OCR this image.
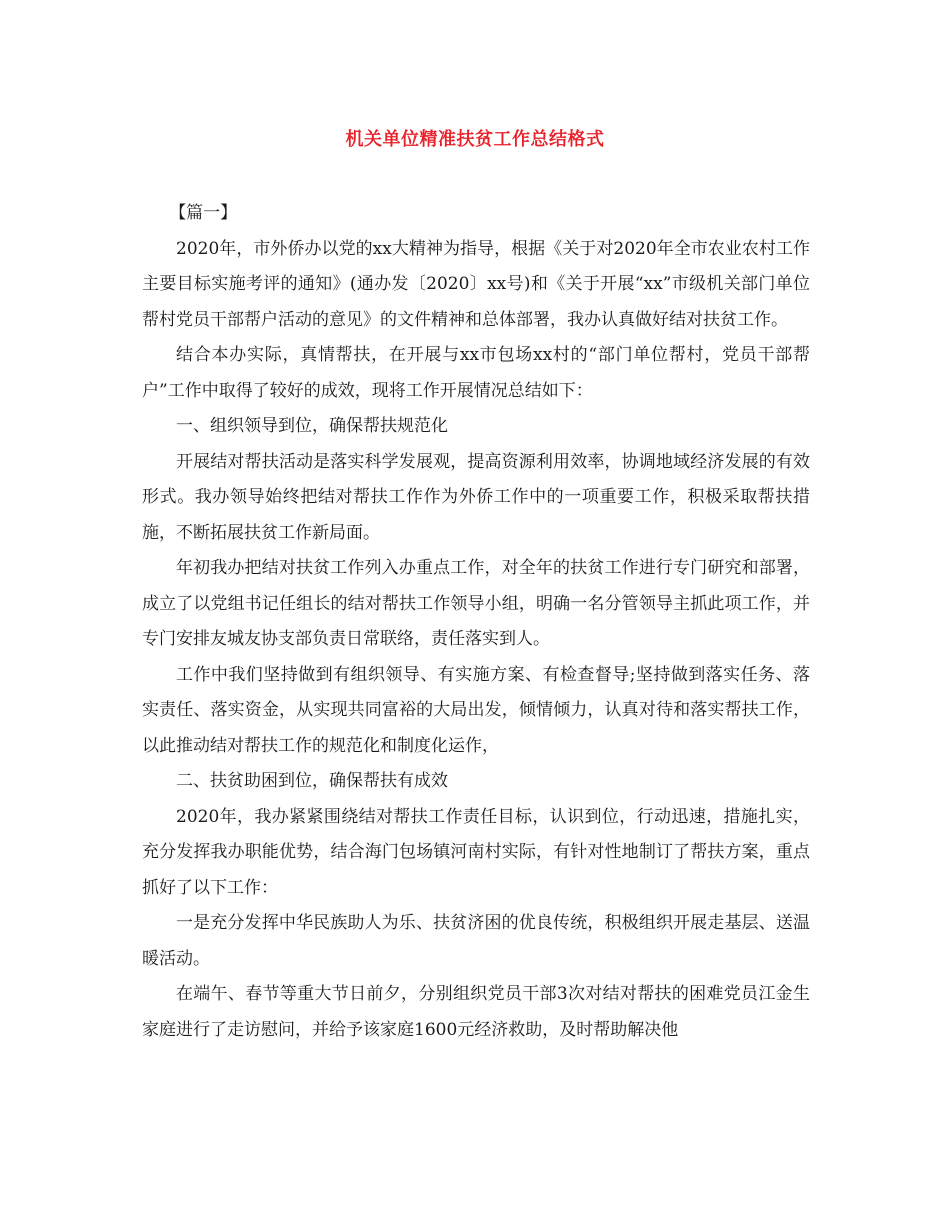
机关单位精准扶贫工作总结格式

【篇一】

2020年，市外侨办以党的xx大精神为指导，根据《关于对2020年全市农业农村工作主要目标实施考评的通知》(通办发〔2020〕xx号)和《关于开展“xx”市级机关部门单位帮村党员干部帮户活动的意见》的文件精神和总体部署，我办认真做好结对扶贫工作。

结合本办实际，真情帮扶，在开展与xx市包场xx村的“部门单位帮村，党员干部帮户”工作中取得了较好的成效，现将工作开展情况总结如下：

一、组织领导到位，确保帮扶规范化

开展结对帮扶活动是落实科学发展观，提高资源利用效率，协调地域经济发展的有效形式。我办领导始终把结对帮扶工作作为外侨工作中的一项重要工作，积极采取帮扶措施，不断拓展扶贫工作新局面。

年初我办把结对扶贫工作列入办重点工作，对全年的扶贫工作进行专门研究和部署，成立了以党组书记任组长的结对帮扶工作领导小组，明确一名分管领导主抓此项工作，并专门安排友城友协支部负责日常联络，责任落实到人。

工作中我们坚持做到有组织领导、有实施方案、有检查督导;坚持做到落实任务、落实责任、落实资金，从实现共同富裕的大局出发，倾情倾力，认真对待和落实帮扶工作，以此推动结对帮扶工作的规范化和制度化运作，

二、扶贫助困到位，确保帮扶有成效

2020年，我办紧紧围绕结对帮扶工作责任目标，认识到位，行动迅速，措施扎实，充分发挥我办职能优势，结合海门包场镇河南村实际，有针对性地制订了帮扶方案，重点抓好了以下工作：

一是充分发挥中华民族助人为乐、扶贫济困的优良传统，积极组织开展走基层、送温暖活动。

在端午、春节等重大节日前夕，分别组织党员干部3次对结对帮扶的困难党员江金生家庭进行了走访慰问，并给予该家庭1600元经济救助，及时帮助解决他
